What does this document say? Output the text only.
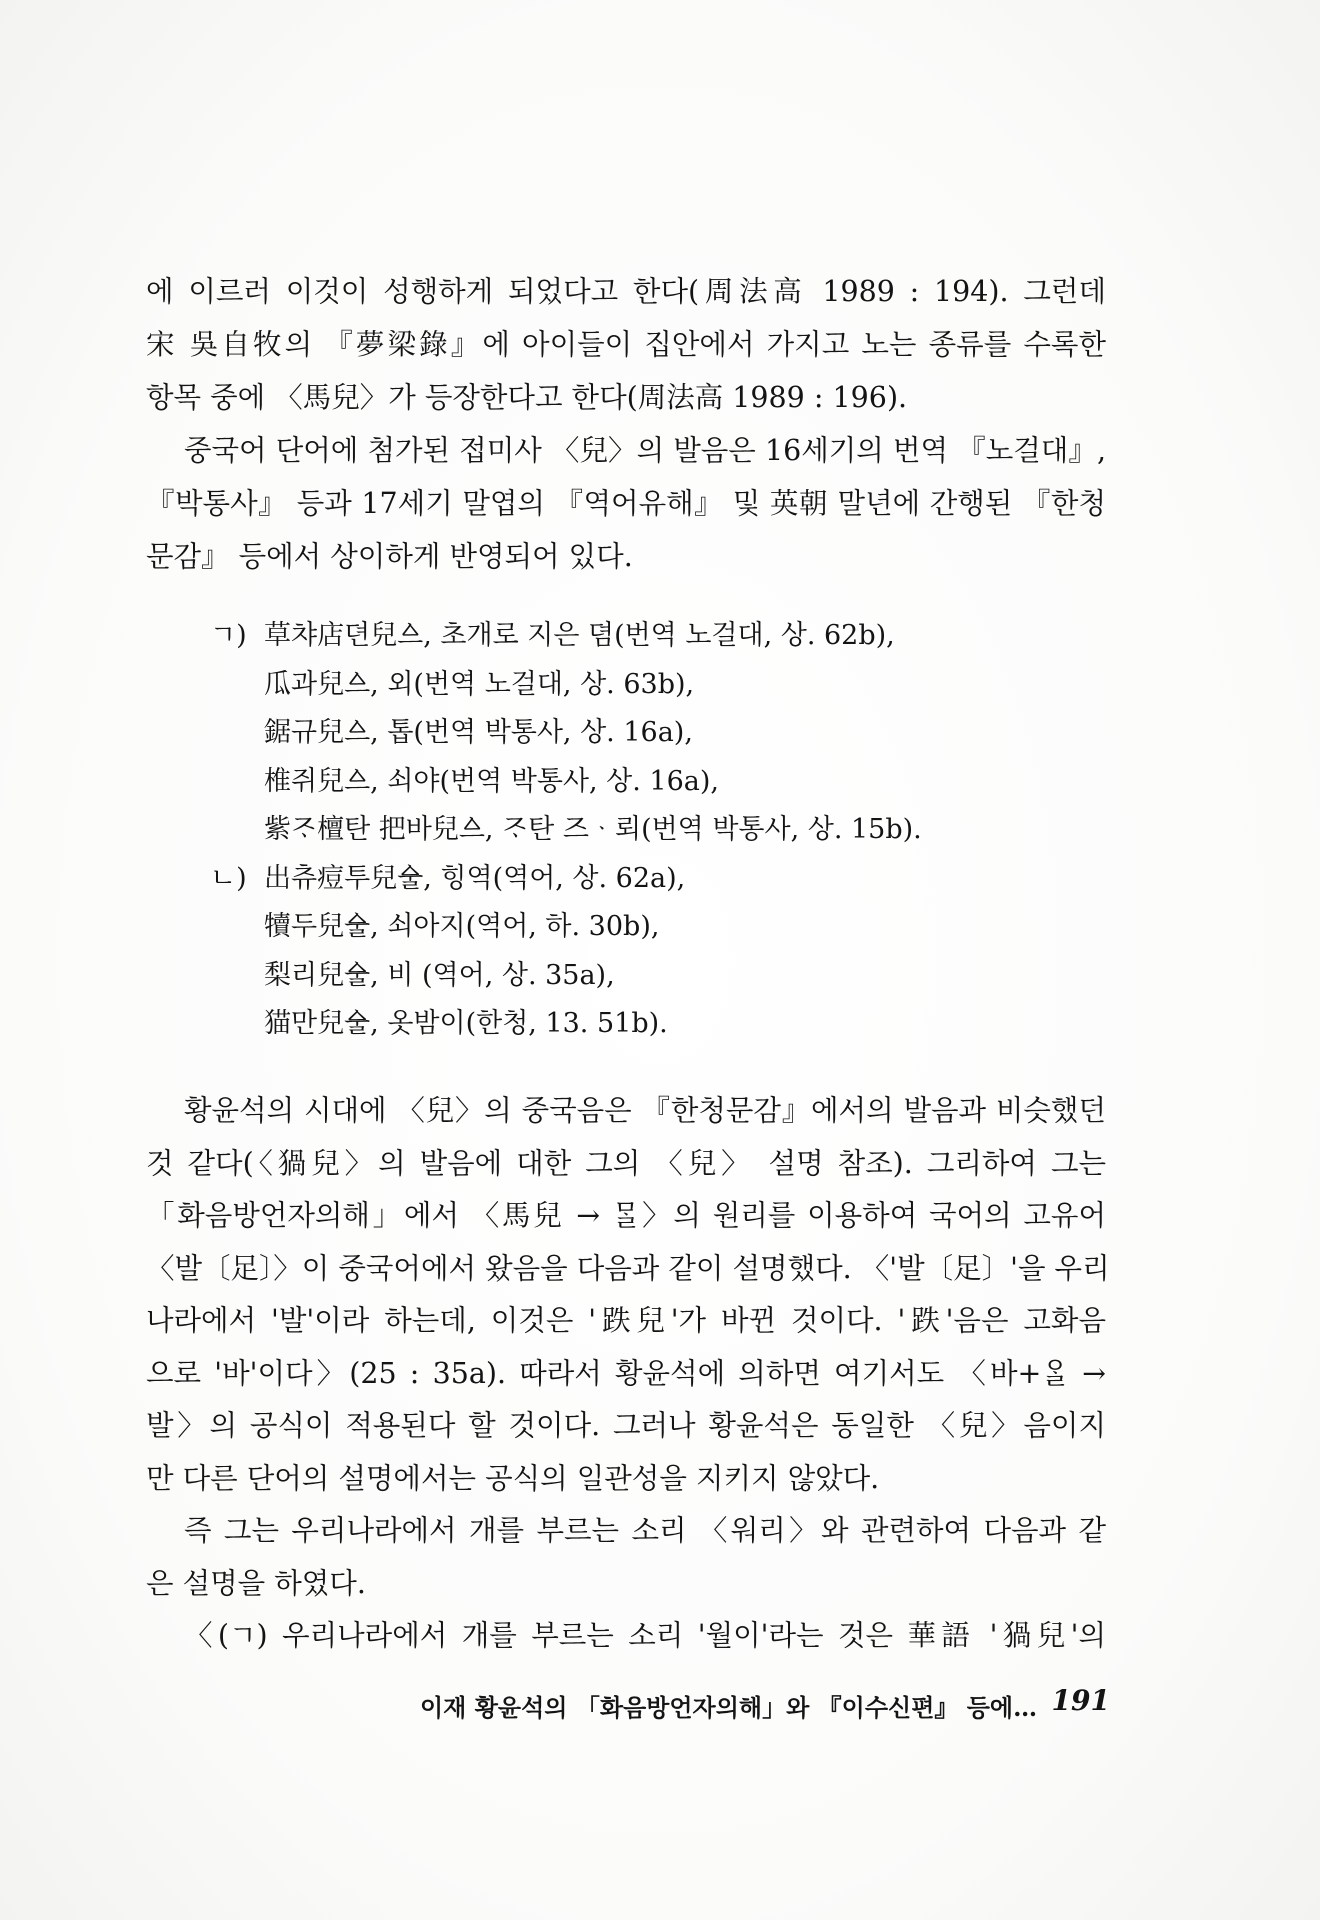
에 이르러 이것이 성행하게 되었다고 한다(周法高 1989 : 194). 그런데
宋 吳自牧의 『夢梁錄』에 아이들이 집안에서 가지고 노는 종류를 수록한
항목 중에 〈馬兒〉가 등장한다고 한다(周法高 1989 : 196).
중국어 단어에 첨가된 접미사 〈兒〉의 발음은 16세기의 번역 『노걸대』,
『박통사』 등과 17세기 말엽의 『역어유해』 및 英朝 말년에 간행된 『한청
문감』 등에서 상이하게 반영되어 있다.
ㄱ) 草챠店뎐兒ᅀᅳ, 초개로 지은 뎜(번역 노걸대, 상. 62b),
瓜과兒ᅀᅳ, 외(번역 노걸대, 상. 63b),
鋸규兒ᅀᅳ, 톱(번역 박통사, 상. 16a),
椎쥐兒ᅀᅳ, 쇠야(번역 박통사, 상. 16a),
紫ᄌᆞ檀탄 把바兒ᅀᅳ, ᄌᆞ탄 즈ᆞ뢰(번역 박통사, 상. 15b).
ㄴ) 出츄痘투兒ᅀᅮᆯ, 힝역(역어, 상. 62a),
犢두兒ᅀᅮᆯ, 쇠아지(역어, 하. 30b),
梨리兒ᅀᅮᆯ, 비 (역어, 상. 35a),
猫만兒ᅀᅮᆯ, 옷밤이(한청, 13. 51b).
황윤석의 시대에 〈兒〉의 중국음은 『한청문감』에서의 발음과 비슷했던
것 같다(〈猧兒〉의 발음에 대한 그의 〈兒〉 설명 참조). 그리하여 그는
「화음방언자의해」에서 〈馬兒 → ᄆᆞᆯ〉의 원리를 이용하여 국어의 고유어
〈발〔足〕〉이 중국어에서 왔음을 다음과 같이 설명했다. 〈'발〔足〕'을 우리
나라에서 '발'이라 하는데, 이것은 '跌兒'가 바뀐 것이다. '跌'음은 고화음
으로 '바'이다〉(25 : 35a). 따라서 황윤석에 의하면 여기서도 〈바+ᄋᆞᆯ →
발〉의 공식이 적용된다 할 것이다. 그러나 황윤석은 동일한 〈兒〉음이지
만 다른 단어의 설명에서는 공식의 일관성을 지키지 않았다.
즉 그는 우리나라에서 개를 부르는 소리 〈워리〉와 관련하여 다음과 같
은 설명을 하였다.
〈(ㄱ) 우리나라에서 개를 부르는 소리 '월이'라는 것은 華語 '猧兒'의
이재 황윤석의 「화음방언자의해」와 『이수신편』 등에… 191
